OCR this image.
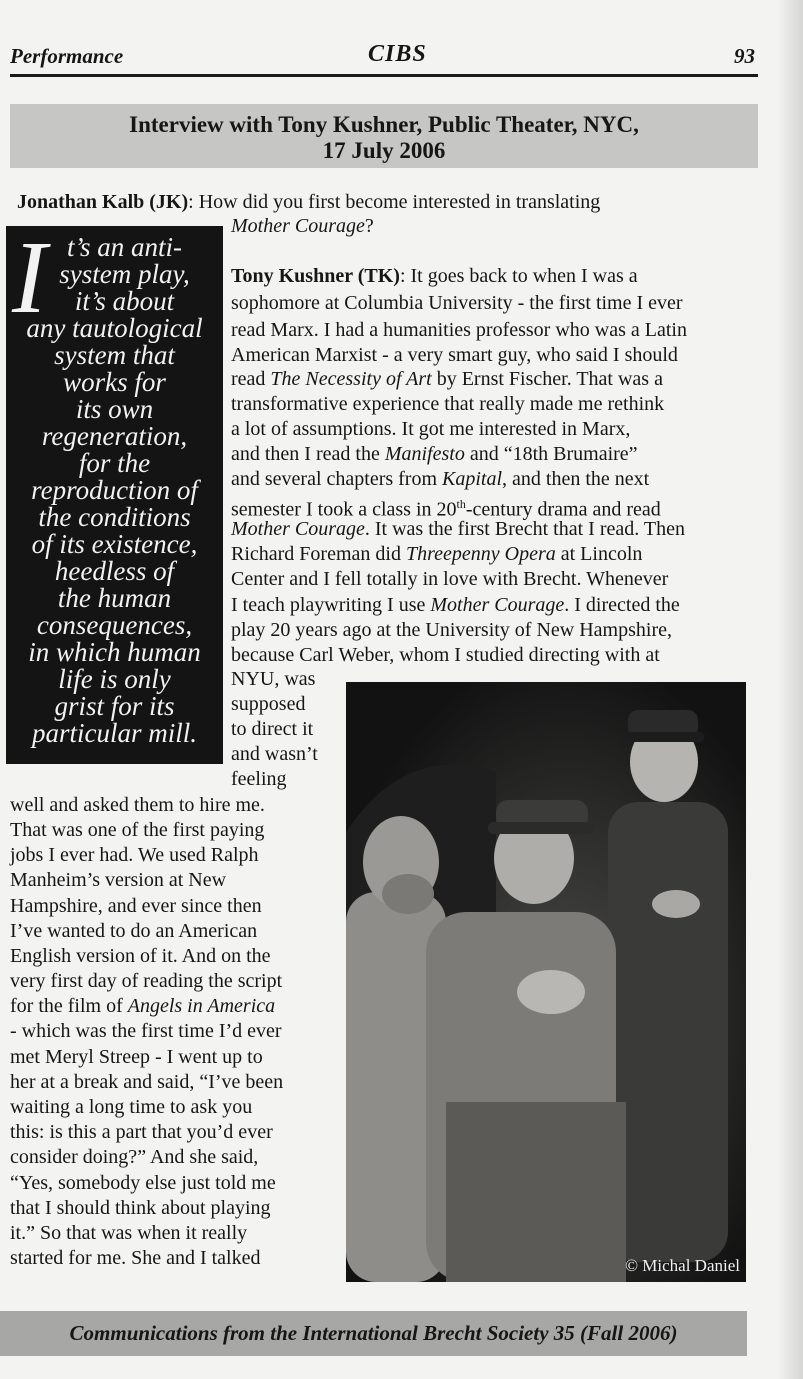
Performance	CIBS	93
Interview with Tony Kushner, Public Theater, NYC,
17 July 2006
Jonathan Kalb (JK): How did you first become interested in translating
Mother Courage?
I t’s an anti-
system play,
it’s about
any tautological
system that
works for
its own
regeneration,
for the
reproduction of
the conditions
of its existence,
heedless of
the human
consequences,
in which human
life is only
grist for its
particular mill.
Tony Kushner (TK): It goes back to when I was a
sophomore at Columbia University - the first time I ever
read Marx. I had a humanities professor who was a Latin
American Marxist - a very smart guy, who said I should
read The Necessity of Art by Ernst Fischer. That was a
transformative experience that really made me rethink
a lot of assumptions. It got me interested in Marx,
and then I read the Manifesto and “18th Brumaire”
and several chapters from Kapital, and then the next
semester I took a class in 20th-century drama and read
Mother Courage. It was the first Brecht that I read. Then
Richard Foreman did Threepenny Opera at Lincoln
Center and I fell totally in love with Brecht. Whenever
I teach playwriting I use Mother Courage. I directed the
play 20 years ago at the University of New Hampshire,
because Carl Weber, whom I studied directing with at
NYU, was
supposed
to direct it
and wasn’t
feeling
well and asked them to hire me.
That was one of the first paying
jobs I ever had. We used Ralph
Manheim’s version at New
Hampshire, and ever since then
I’ve wanted to do an American
English version of it. And on the
very first day of reading the script
for the film of Angels in America
- which was the first time I’d ever
met Meryl Streep - I went up to
her at a break and said, “I’ve been
waiting a long time to ask you
this: is this a part that you’d ever
consider doing?” And she said,
“Yes, somebody else just told me
that I should think about playing
it.” So that was when it really
started for me. She and I talked	© Michal Daniel
Communications from the International Brecht Society 35 (Fall 2006)
